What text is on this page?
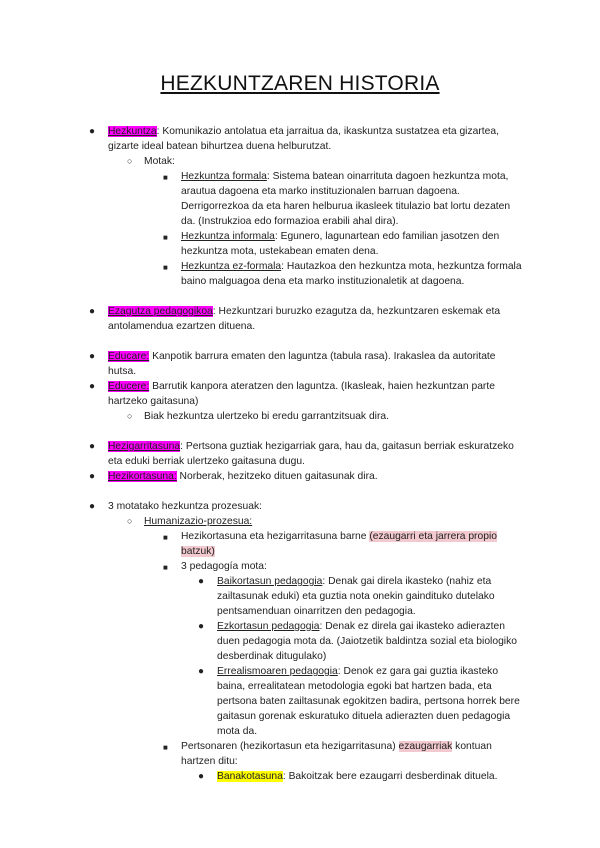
HEZKUNTZAREN HISTORIA
● Hezkuntza: Komunikazio antolatua eta jarraitua da, ikaskuntza sustatzea eta gizartea, gizarte ideal batean bihurtzea duena helburutzat.
○ Motak:
■ Hezkuntza formala: Sistema batean oinarrituta dagoen hezkuntza mota, arautua dagoena eta marko instituzionalen barruan dagoena. Derrigorrezkoa da eta haren helburua ikasleek titulazio bat lortu dezaten da. (Instrukzioa edo formazioa erabili ahal dira).
■ Hezkuntza informala: Egunero, lagunartean edo familian jasotzen den hezkuntza mota, ustekabean ematen dena.
■ Hezkuntza ez-formala: Hautazkoa den hezkuntza mota, hezkuntza formala baino malguagoa dena eta marko instituzionaletik at dagoena.
● Ezagutza pedagogikoa: Hezkuntzari buruzko ezagutza da, hezkuntzaren eskemak eta antolamendua ezartzen dituena.
● Educare: Kanpotik barrura ematen den laguntza (tabula rasa). Irakaslea da autoritate hutsa.
● Educere: Barrutik kanpora ateratzen den laguntza. (Ikasleak, haien hezkuntzan parte hartzeko gaitasuna)
○ Biak hezkuntza ulertzeko bi eredu garrantzitsuak dira.
● Hezigarritasuna: Pertsona guztiak hezigarriak gara, hau da, gaitasun berriak eskuratzeko eta eduki berriak ulertzeko gaitasuna dugu.
● Hezikortasuna: Norberak, hezitzeko dituen gaitasunak dira.
● 3 motatako hezkuntza prozesuak:
○ Humanizazio-prozesua:
■ Hezikortasuna eta hezigarritasuna barne (ezaugarri eta jarrera propio batzuk)
■ 3 pedagogía mota:
● Baikortasun pedagogia: Denak gai direla ikasteko (nahiz eta zailtasunak eduki) eta guztia nota onekin gaindituko dutelako pentsamenduan oinarritzen den pedagogia.
● Ezkortasun pedagogia: Denak ez direla gai ikasteko adierazten duen pedagogia mota da. (Jaiotzetik baldintza sozial eta biologiko desberdinak ditugulako)
● Errealismoaren pedagogia: Denok ez gara gai guztia ikasteko baina, errealitatean metodologia egoki bat hartzen bada, eta pertsona baten zailtasunak egokitzen badira, pertsona horrek bere gaitasun gorenak eskuratuko dituela adierazten duen pedagogia mota da.
■ Pertsonaren (hezikortasun eta hezigarritasuna) ezaugarriak kontuan hartzen ditu:
● Banakotasuna: Bakoitzak bere ezaugarri desberdinak dituela.
